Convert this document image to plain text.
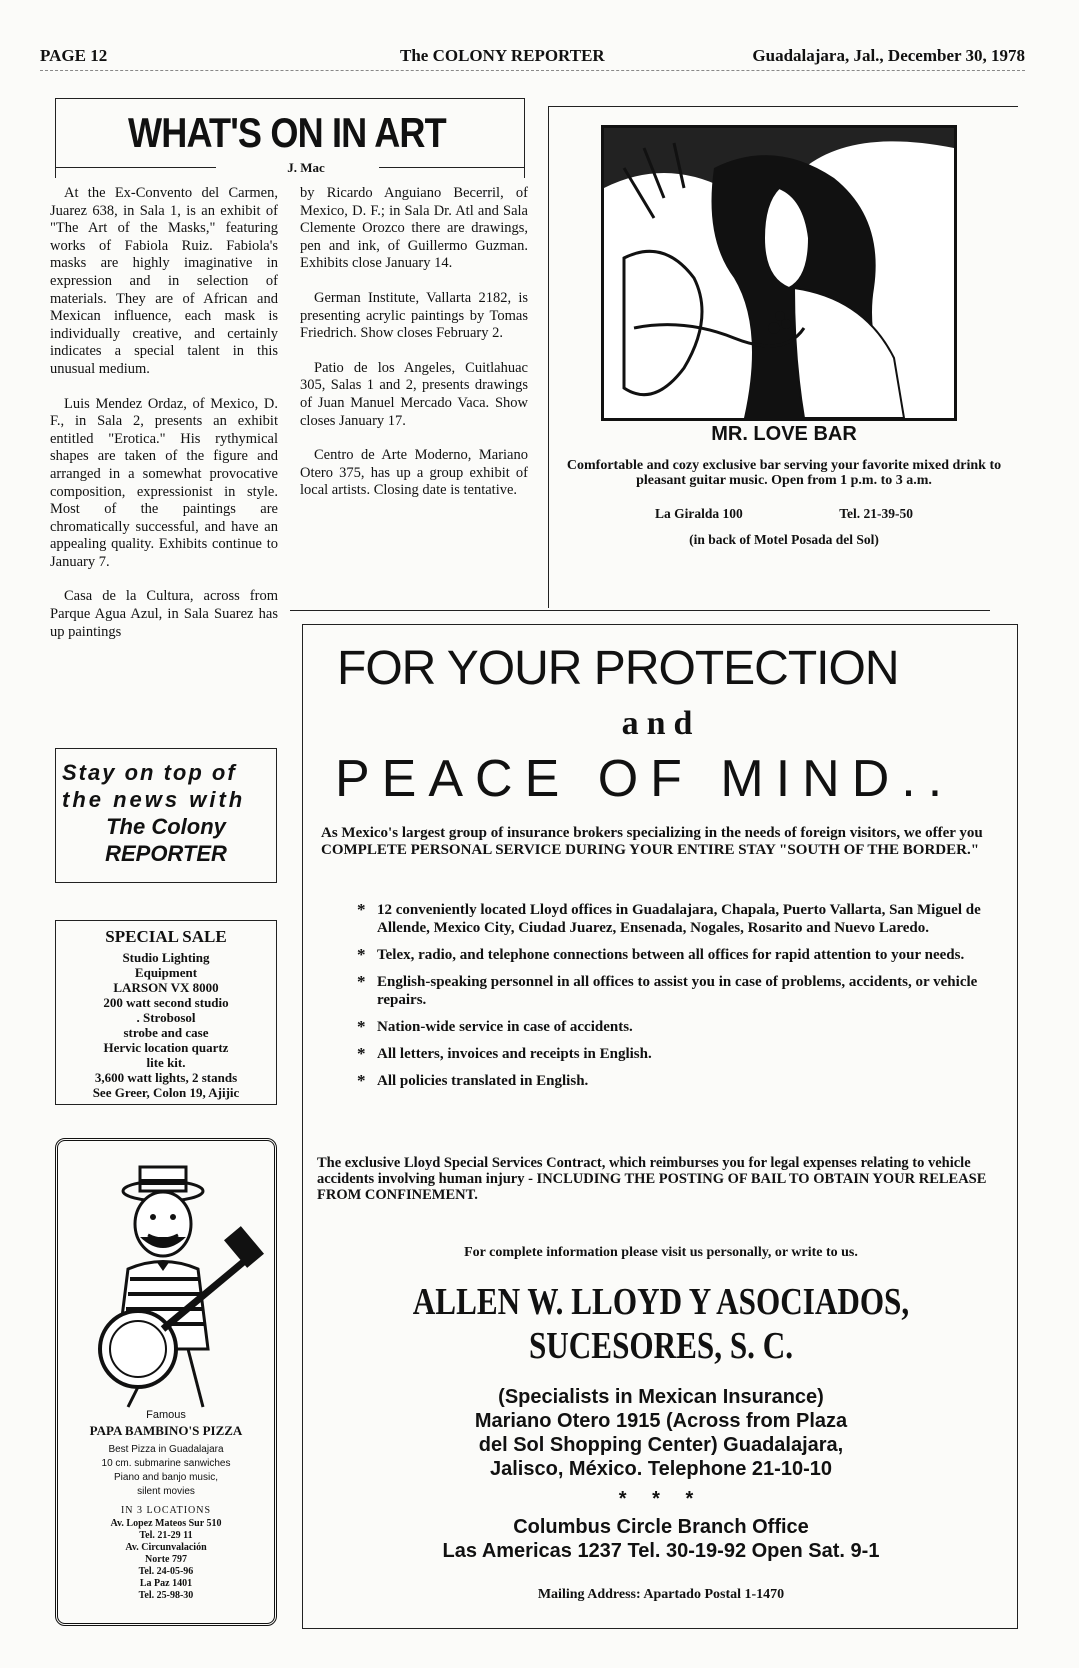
PAGE 12	The COLONY REPORTER	Guadalajara, Jal., December 30, 1978
WHAT'S ON IN ART
J. Mac

At the Ex-Convento del Carmen, Juarez 638, in Sala 1, is an exhibit of "The Art of the Masks," featuring works of Fabiola Ruiz. Fabiola's masks are highly imaginative in expression and in selection of materials. They are of African and Mexican influence, each mask is individually creative, and certainly indicates a special talent in this unusual medium.

Luis Mendez Ordaz, of Mexico, D. F., in Sala 2, presents an exhibit entitled "Erotica." His rythymical shapes are taken of the figure and arranged in a somewhat provocative composition, expressionist in style. Most of the paintings are chromatically successful, and have an appealing quality. Exhibits continue to January 7.

Casa de la Cultura, across from Parque Agua Azul, in Sala Suarez has up paintings

by Ricardo Anguiano Becerril, of Mexico, D. F.; in Sala Dr. Atl and Sala Clemente Orozco there are drawings, pen and ink, of Guillermo Guzman. Exhibits close January 14.

German Institute, Vallarta 2182, is presenting acrylic paintings by Tomas Friedrich. Show closes February 2.

Patio de los Angeles, Cuitlahuac 305, Salas 1 and 2, presents drawings of Juan Manuel Mercado Vaca. Show closes January 17.

Centro de Arte Moderno, Mariano Otero 375, has up a group exhibit of local artists. Closing date is tentative.

Stay on top of
the news with
The Colony
REPORTER
SPECIAL SALE
Studio Lighting
Equipment
LARSON VX 8000
200 watt second studio
. Strobosol
strobe and case
Hervic location quartz
lite kit.
3,600 watt lights, 2 stands
See Greer, Colon 19, Ajijic
Famous
PAPA BAMBINO'S PIZZA
Best Pizza in Guadalajara
10 cm. submarine sanwiches
Piano and banjo music,
silent movies
IN 3 LOCATIONS
Av. Lopez Mateos Sur 510
Tel. 21-29 11
Av. Circunvalación
Norte 797
Tel. 24-05-96
La Paz 1401
Tel. 25-98-30
MR. LOVE BAR
Comfortable and cozy exclusive bar serving your favorite mixed drink to pleasant guitar music. Open from 1 p.m. to 3 a.m.
La Giralda 100	Tel. 21-39-50
(in back of Motel Posada del Sol)
FOR YOUR PROTECTION
and
PEACE OF MIND..
As Mexico's largest group of insurance brokers specializing in the needs of foreign visitors, we offer you COMPLETE PERSONAL SERVICE DURING YOUR ENTIRE STAY "SOUTH OF THE BORDER."
* 12 conveniently located Lloyd offices in Guadalajara, Chapala, Puerto Vallarta, San Miguel de Allende, Mexico City, Ciudad Juarez, Ensenada, Nogales, Rosarito and Nuevo Laredo.
* Telex, radio, and telephone connections between all offices for rapid attention to your needs.
* English-speaking personnel in all offices to assist you in case of problems, accidents, or vehicle repairs.
* Nation-wide service in case of accidents.
* All letters, invoices and receipts in English.
* All policies translated in English.
The exclusive Lloyd Special Services Contract, which reimburses you for legal expenses relating to vehicle accidents involving human injury - INCLUDING THE POSTING OF BAIL TO OBTAIN YOUR RELEASE FROM CONFINEMENT.
For complete information please visit us personally, or write to us.
ALLEN W. LLOYD Y ASOCIADOS,
SUCESORES, S. C.
(Specialists in Mexican Insurance)
Mariano Otero 1915 (Across from Plaza
del Sol Shopping Center) Guadalajara,
Jalisco, México. Telephone 21-10-10
* * *
Columbus Circle Branch Office
Las Americas 1237 Tel. 30-19-92 Open Sat. 9-1
Mailing Address: Apartado Postal 1-1470
